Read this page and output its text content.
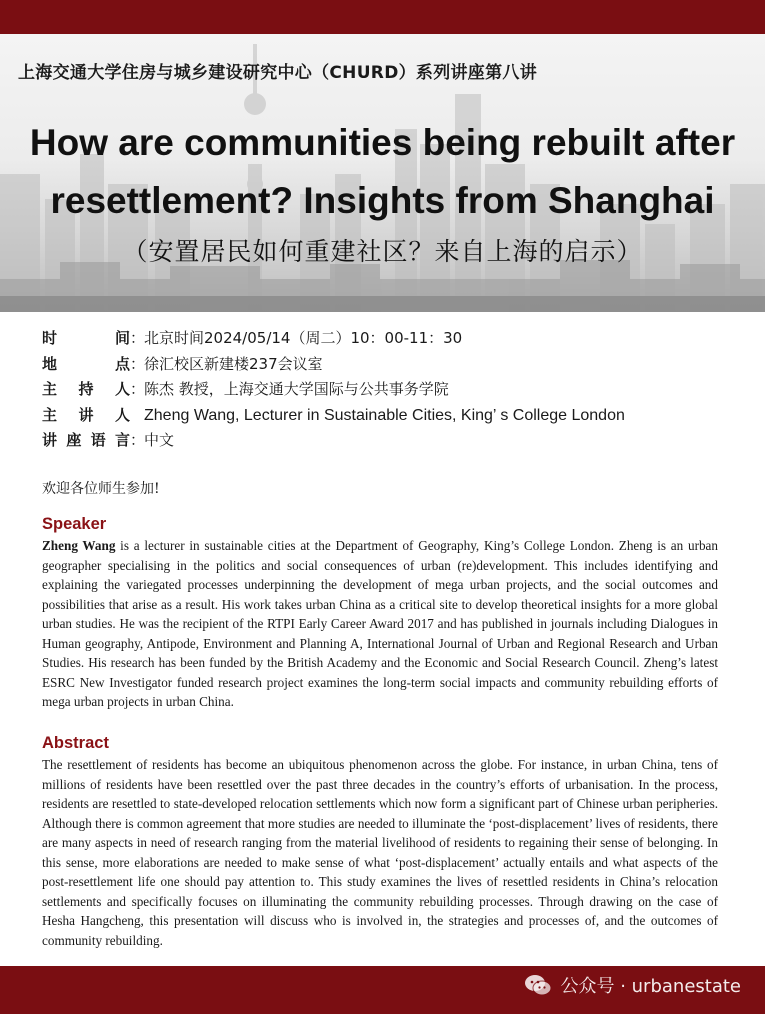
上海交通大学住房与城乡建设研究中心（CHURD）系列讲座第八讲
How are communities being rebuilt after
resettlement? Insights from Shanghai
（安置居民如何重建社区？来自上海的启示）
时间：北京时间2024/05/14（周二）10：00-11：30
地点：徐汇校区新建楼237会议室
主持人：陈杰 教授，上海交通大学国际与公共事务学院
主讲人 Zheng Wang, Lecturer in Sustainable Cities, King’ s College London
讲座语言：中文
欢迎各位师生参加!
Speaker
Zheng Wang is a lecturer in sustainable cities at the Department of Geography, King’s College London. Zheng is an urban geographer specialising in the politics and social consequences of urban (re)development. This includes identifying and explaining the variegated processes underpinning the development of mega urban projects, and the social outcomes and possibilities that arise as a result. His work takes urban China as a critical site to develop theoretical insights for a more global urban studies. He was the recipient of the RTPI Early Career Award 2017 and has published in journals including Dialogues in Human geography, Antipode, Environment and Planning A, International Journal of Urban and Regional Research and Urban Studies. His research has been funded by the British Academy and the Economic and Social Research Council. Zheng’s latest ESRC New Investigator funded research project examines the long-term social impacts and community rebuilding efforts of mega urban projects in urban China.
Abstract
The resettlement of residents has become an ubiquitous phenomenon across the globe. For instance, in urban China, tens of millions of residents have been resettled over the past three decades in the country’s efforts of urbanisation. In the process, residents are resettled to state-developed relocation settlements which now form a significant part of Chinese urban peripheries. Although there is common agreement that more studies are needed to illuminate the ‘post-displacement’ lives of residents, there are many aspects in need of research ranging from the material livelihood of residents to regaining their sense of belonging. In this sense, more elaborations are needed to make sense of what ‘post-displacement’ actually entails and what aspects of the post-resettlement life one should pay attention to. This study examines the lives of resettled residents in China’s relocation settlements and specifically focuses on illuminating the community rebuilding processes. Through drawing on the case of Hesha Hangcheng, this presentation will discuss who is involved in, the strategies and processes of, and the outcomes of community rebuilding.
公众号 · urbanestate
